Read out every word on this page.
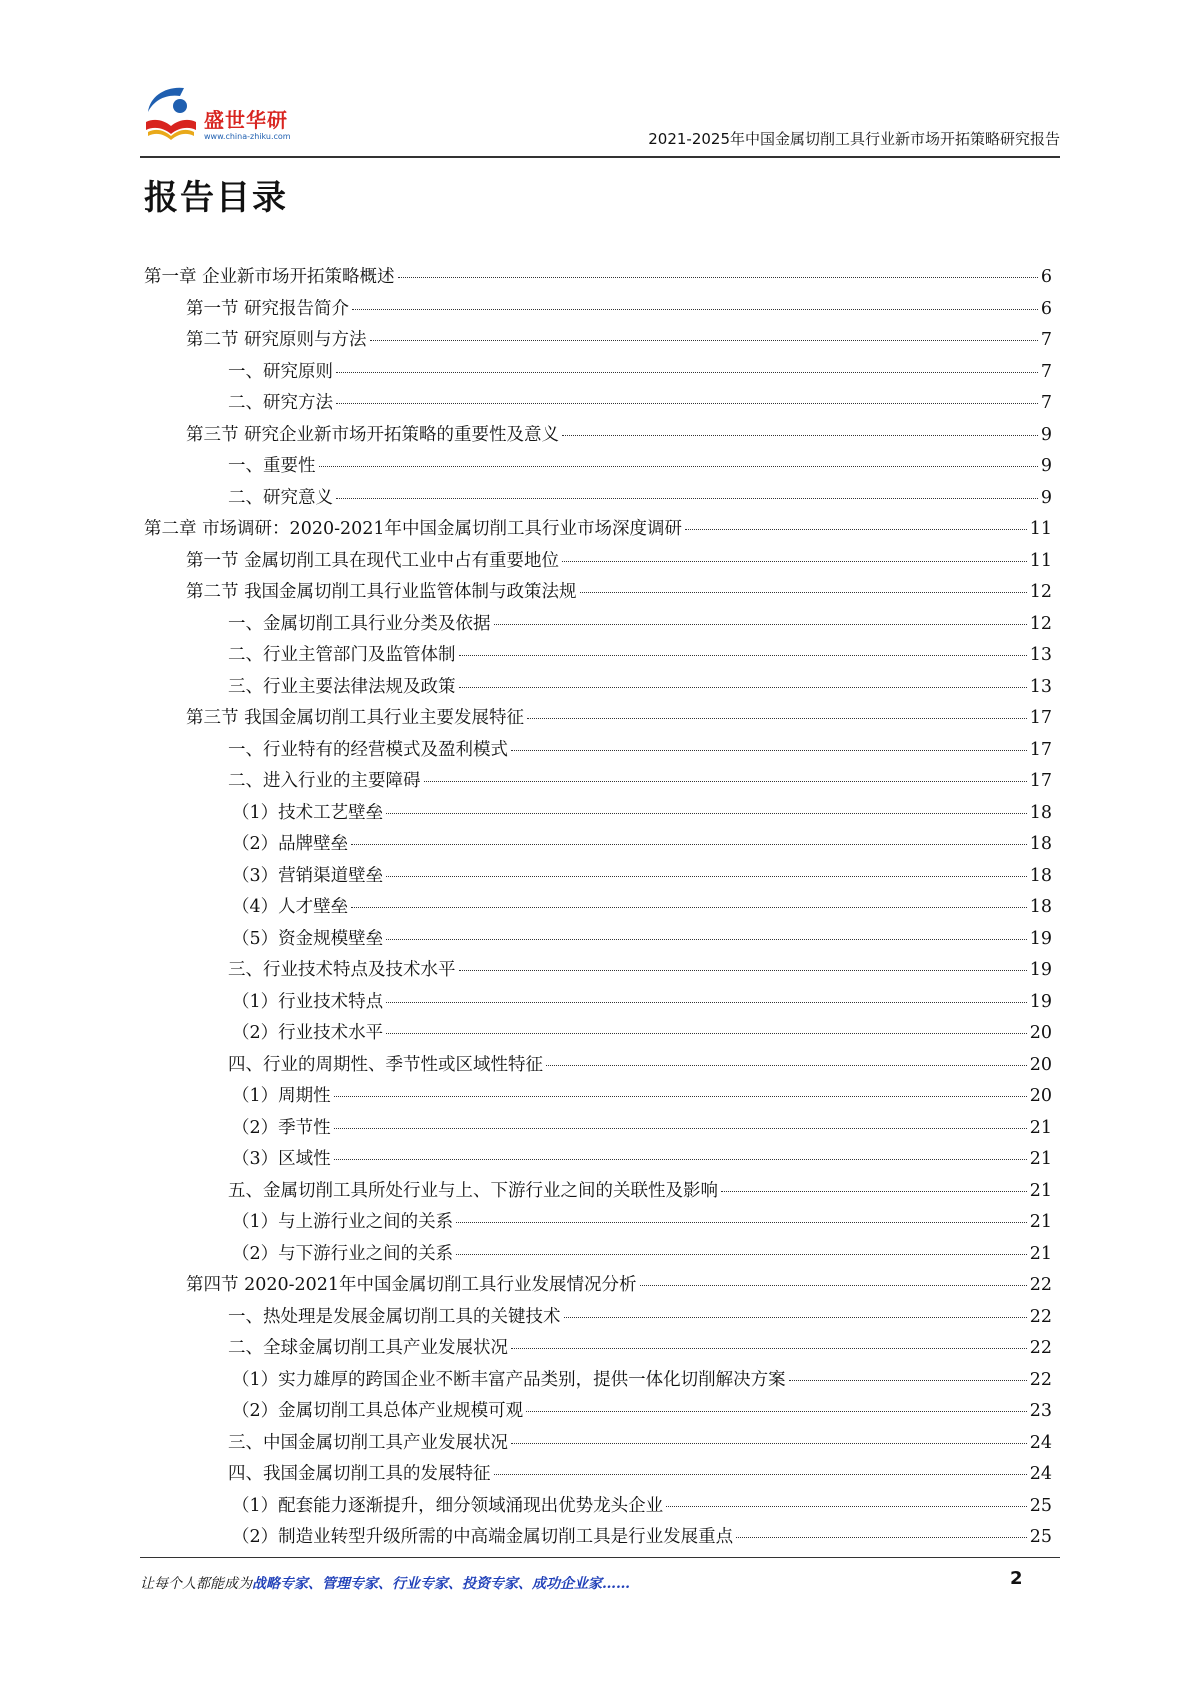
盛世华研
www.china-zhiku.com	2021-2025年中国金属切削工具行业新市场开拓策略研究报告
报告目录
第一章 企业新市场开拓策略概述	6
第一节 研究报告简介	6
第二节 研究原则与方法	7
一、研究原则	7
二、研究方法	7
第三节 研究企业新市场开拓策略的重要性及意义	9
一、重要性	9
二、研究意义	9
第二章 市场调研：2020-2021年中国金属切削工具行业市场深度调研	11
第一节 金属切削工具在现代工业中占有重要地位	11
第二节 我国金属切削工具行业监管体制与政策法规	12
一、金属切削工具行业分类及依据	12
二、行业主管部门及监管体制	13
三、行业主要法律法规及政策	13
第三节 我国金属切削工具行业主要发展特征	17
一、行业特有的经营模式及盈利模式	17
二、进入行业的主要障碍	17
（1）技术工艺壁垒	18
（2）品牌壁垒	18
（3）营销渠道壁垒	18
（4）人才壁垒	18
（5）资金规模壁垒	19
三、行业技术特点及技术水平	19
（1）行业技术特点	19
（2）行业技术水平	20
四、行业的周期性、季节性或区域性特征	20
（1）周期性	20
（2）季节性	21
（3）区域性	21
五、金属切削工具所处行业与上、下游行业之间的关联性及影响	21
（1）与上游行业之间的关系	21
（2）与下游行业之间的关系	21
第四节 2020-2021年中国金属切削工具行业发展情况分析	22
一、热处理是发展金属切削工具的关键技术	22
二、全球金属切削工具产业发展状况	22
（1）实力雄厚的跨国企业不断丰富产品类别，提供一体化切削解决方案	22
（2）金属切削工具总体产业规模可观	23
三、中国金属切削工具产业发展状况	24
四、我国金属切削工具的发展特征	24
（1）配套能力逐渐提升，细分领域涌现出优势龙头企业	25
（2）制造业转型升级所需的中高端金属切削工具是行业发展重点	25
让每个人都能成为战略专家、管理专家、行业专家、投资专家、成功企业家……	2
